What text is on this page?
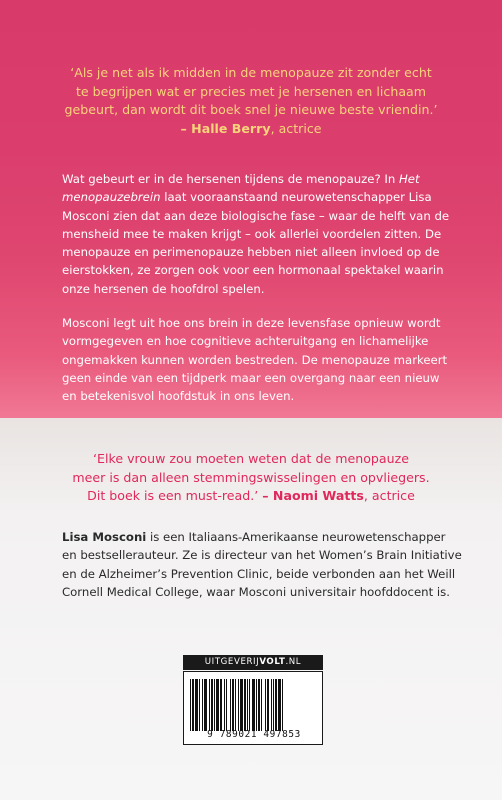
‘Als je net als ik midden in de menopauze zit zonder echt
te begrijpen wat er precies met je hersenen en lichaam
gebeurt, dan wordt dit boek snel je nieuwe beste vriendin.’
– Halle Berry, actrice
Wat gebeurt er in de hersenen tijdens de menopauze? In Het menopauzebrein laat vooraanstaand neurowetenschapper Lisa Mosconi zien dat aan deze biologische fase – waar de helft van de mensheid mee te maken krijgt – ook allerlei voordelen zitten. De menopauze en perimenopauze hebben niet alleen invloed op de eierstokken, ze zorgen ook voor een hormonaal spektakel waarin onze hersenen de hoofdrol spelen.
Mosconi legt uit hoe ons brein in deze levensfase opnieuw wordt vormgegeven en hoe cognitieve achteruitgang en lichamelijke ongemakken kunnen worden bestreden. De menopauze markeert geen einde van een tijdperk maar een overgang naar een nieuw en betekenisvol hoofdstuk in ons leven.
‘Elke vrouw zou moeten weten dat de menopauze
meer is dan alleen stemmingswisselingen en opvliegers.
Dit boek is een must-read.’ – Naomi Watts, actrice
Lisa Mosconi is een Italiaans-Amerikaanse neurowetenschapper en bestsellerauteur. Ze is directeur van het Women’s Brain Initiative en de Alzheimer’s Prevention Clinic, beide verbonden aan het Weill Cornell Medical College, waar Mosconi universitair hoofddocent is.
UITGEVERIJVOLT.NL
9 789021 497853
